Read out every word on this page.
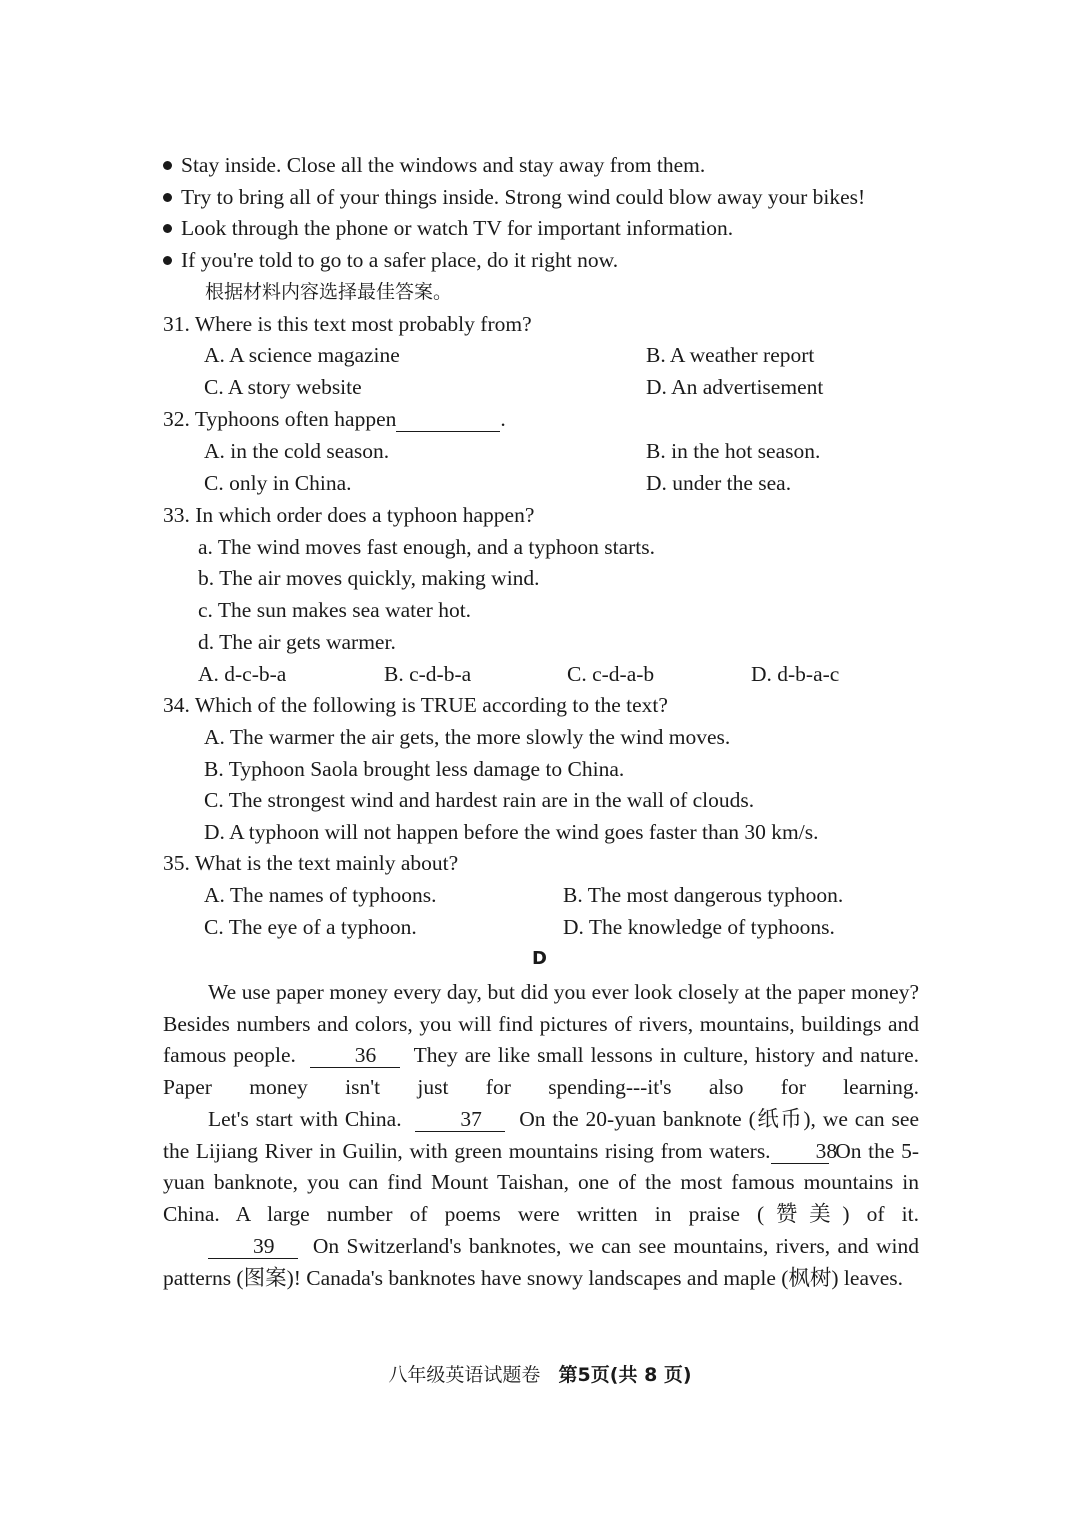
Stay inside. Close all the windows and stay away from them.
Try to bring all of your things inside. Strong wind could blow away your bikes!
Look through the phone or watch TV for important information.
If you're told to go to a safer place, do it right now.
根据材料内容选择最佳答案。
31. Where is this text most probably from?
A. A science magazine	B. A weather report
C. A story website	D. An advertisement
32. Typhoons often happen	.
A. in the cold season.	B. in the hot season.
C. only in China.	D. under the sea.
33. In which order does a typhoon happen?
a. The wind moves fast enough, and a typhoon starts.
b. The air moves quickly, making wind.
c. The sun makes sea water hot.
d. The air gets warmer.
A. d-c-b-a	B. c-d-b-a	C. c-d-a-b	D. d-b-a-c
34. Which of the following is TRUE according to the text?
A. The warmer the air gets, the more slowly the wind moves.
B. Typhoon Saola brought less damage to China.
C. The strongest wind and hardest rain are in the wall of clouds.
D. A typhoon will not happen before the wind goes faster than 30 km/s.
35. What is the text mainly about?
A. The names of typhoons.	B. The most dangerous typhoon.
C. The eye of a typhoon.	D. The knowledge of typhoons.
D
We use paper money every day, but did you ever look closely at the paper money? Besides numbers and colors, you will find pictures of rivers, mountains, buildings and famous people.	36 They are like small lessons in culture, history and nature. Paper money isn't just for spending---it's also for learning.
Let's start with China.	37 On the 20-yuan banknote (纸币), we can see the Lijiang River in Guilin, with green mountains rising from waters. 38 On the 5-yuan banknote, you can find Mount Taishan, one of the most famous mountains in China. A large number of poems were written in praise (赞美) of it.
39 On Switzerland's banknotes, we can see mountains, rivers, and wind patterns (图案)! Canada's banknotes have snowy landscapes and maple (枫树) leaves.
八年级英语试题卷 第5页(共 8 页)
